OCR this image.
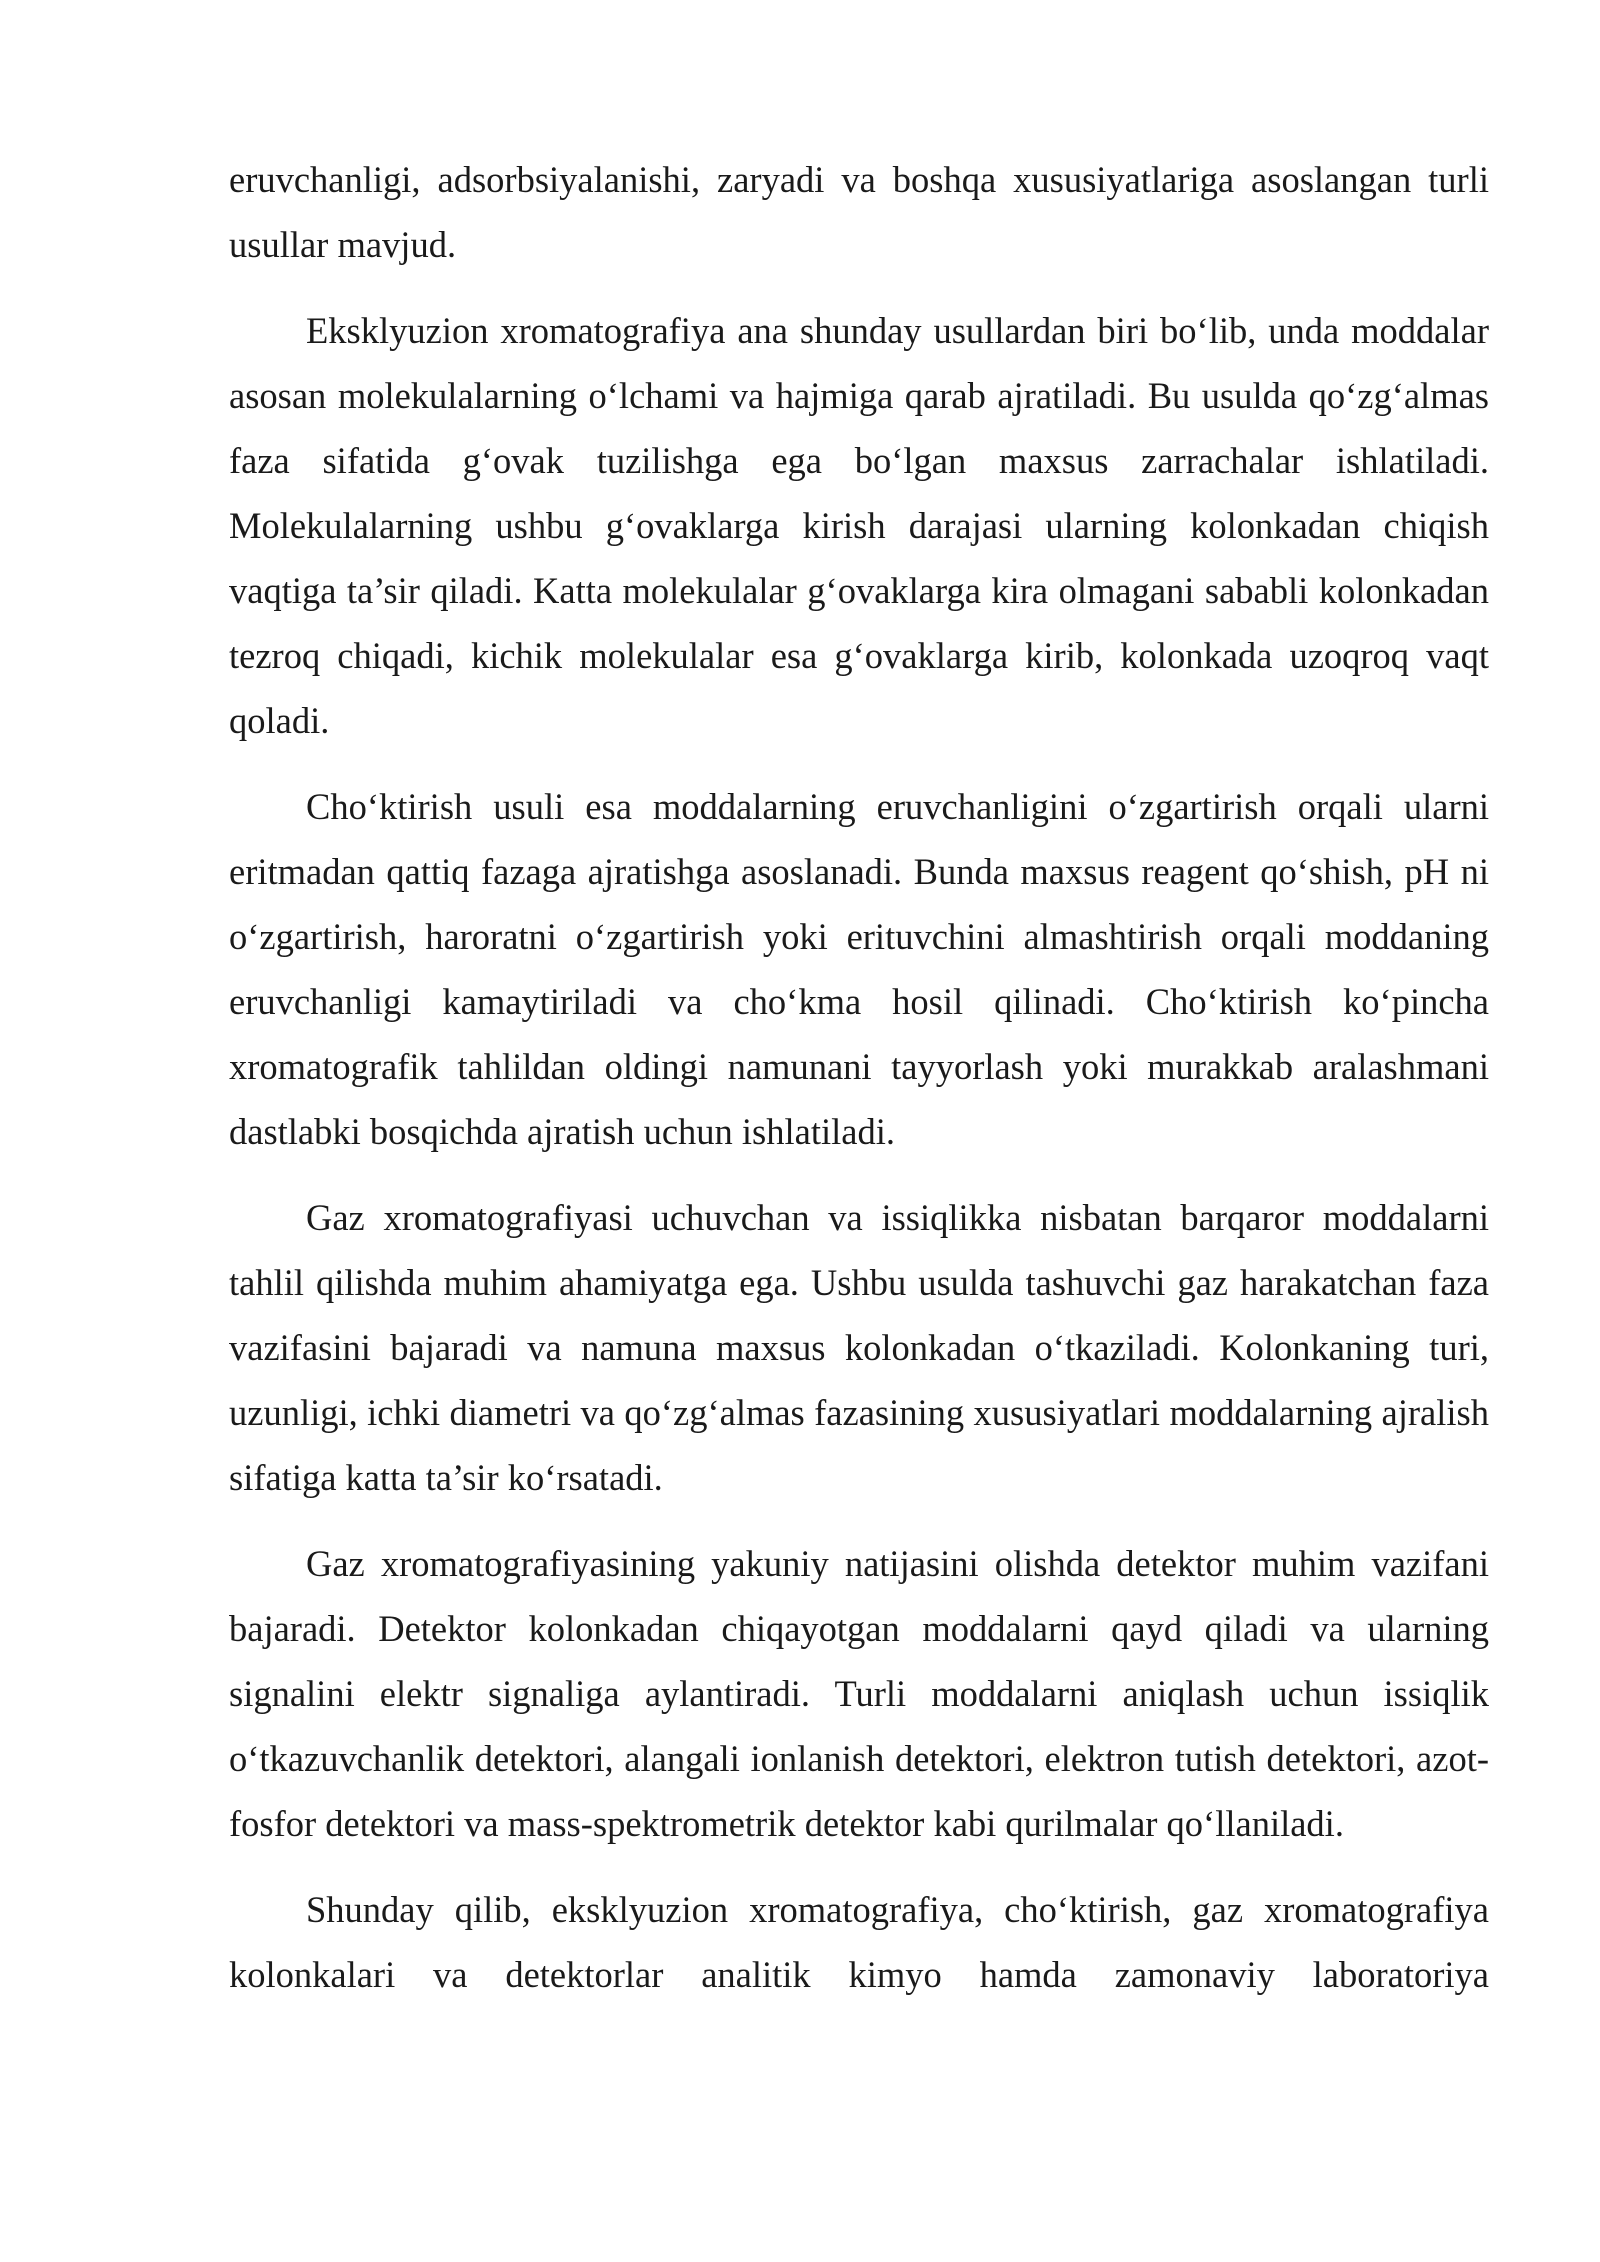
eruvchanligi, adsorbsiyalanishi, zaryadi va boshqa xususiyatlariga asoslangan turli usullar mavjud.

Eksklyuzion xromatografiya ana shunday usullardan biri bo‘lib, unda moddalar asosan molekulalarning o‘lchami va hajmiga qarab ajratiladi. Bu usulda qo‘zg‘almas faza sifatida g‘ovak tuzilishga ega bo‘lgan maxsus zarrachalar ishlatiladi. Molekulalarning ushbu g‘ovaklarga kirish darajasi ularning kolonkadan chiqish vaqtiga ta’sir qiladi. Katta molekulalar g‘ovaklarga kira olmagani sababli kolonkadan tezroq chiqadi, kichik molekulalar esa g‘ovaklarga kirib, kolonkada uzoqroq vaqt qoladi.

Cho‘ktirish usuli esa moddalarning eruvchanligini o‘zgartirish orqali ularni eritmadan qattiq fazaga ajratishga asoslanadi. Bunda maxsus reagent qo‘shish, pH ni o‘zgartirish, haroratni o‘zgartirish yoki erituvchini almashtirish orqali moddaning eruvchanligi kamaytiriladi va cho‘kma hosil qilinadi. Cho‘ktirish ko‘pincha xromatografik tahlildan oldingi namunani tayyorlash yoki murakkab aralashmani dastlabki bosqichda ajratish uchun ishlatiladi.

Gaz xromatografiyasi uchuvchan va issiqlikka nisbatan barqaror moddalarni tahlil qilishda muhim ahamiyatga ega. Ushbu usulda tashuvchi gaz harakatchan faza vazifasini bajaradi va namuna maxsus kolonkadan o‘tkaziladi. Kolonkaning turi, uzunligi, ichki diametri va qo‘zg‘almas fazasining xususiyatlari moddalarning ajralish sifatiga katta ta’sir ko‘rsatadi.

Gaz xromatografiyasining yakuniy natijasini olishda detektor muhim vazifani bajaradi. Detektor kolonkadan chiqayotgan moddalarni qayd qiladi va ularning signalini elektr signaliga aylantiradi. Turli moddalarni aniqlash uchun issiqlik o‘tkazuvchanlik detektori, alangali ionlanish detektori, elektron tutish detektori, azot-fosfor detektori va mass-spektrometrik detektor kabi qurilmalar qo‘llaniladi.

Shunday qilib, eksklyuzion xromatografiya, cho‘ktirish, gaz xromatografiya kolonkalari va detektorlar analitik kimyo hamda zamonaviy laboratoriya
